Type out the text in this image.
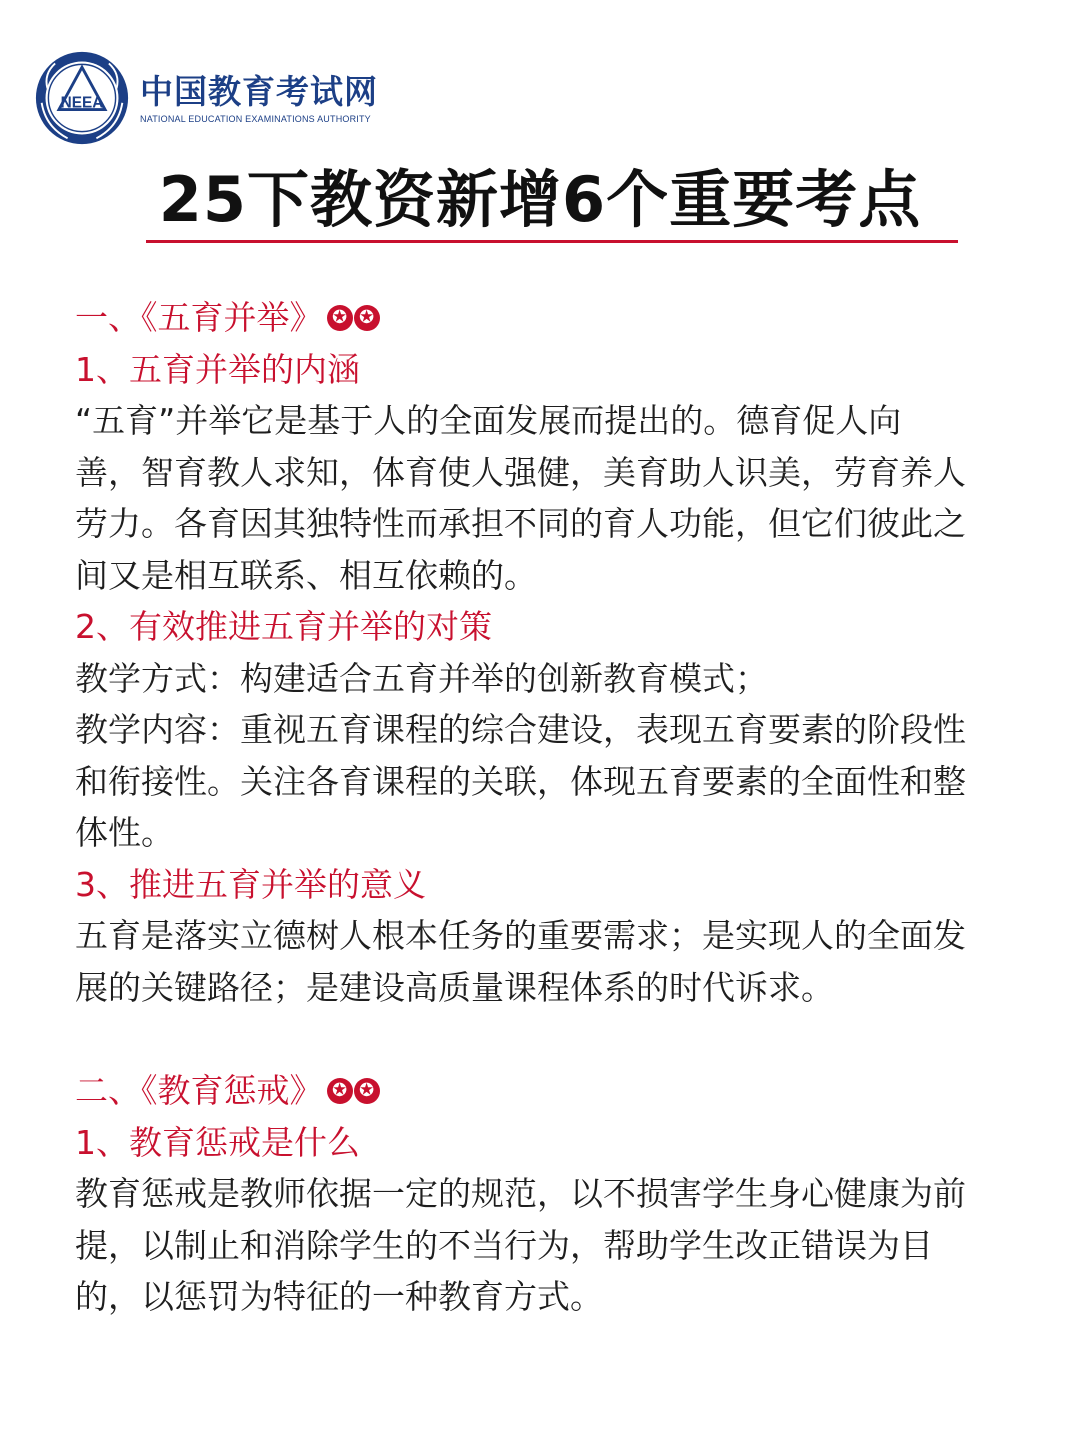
NEEA 中国教育考试网
NATIONAL EDUCATION EXAMINATIONS AUTHORITY
25下教资新增6个重要考点
一、《五育并举》 ✪ ✪
1、五育并举的内涵
“五育”并举它是基于人的全面发展而提出的。德育促人向
善，智育教人求知，体育使人强健，美育助人识美，劳育养人
劳力。各育因其独特性而承担不同的育人功能，但它们彼此之
间又是相互联系、相互依赖的。
2、有效推进五育并举的对策
教学方式：构建适合五育并举的创新教育模式；
教学内容：重视五育课程的综合建设，表现五育要素的阶段性
和衔接性。关注各育课程的关联，体现五育要素的全面性和整
体性。
3、推进五育并举的意义
五育是落实立德树人根本任务的重要需求；是实现人的全面发
展的关键路径；是建设高质量课程体系的时代诉求。
二、《教育惩戒》 ✪ ✪
1、教育惩戒是什么
教育惩戒是教师依据一定的规范，以不损害学生身心健康为前
提，以制止和消除学生的不当行为，帮助学生改正错误为目
的，以惩罚为特征的一种教育方式。
